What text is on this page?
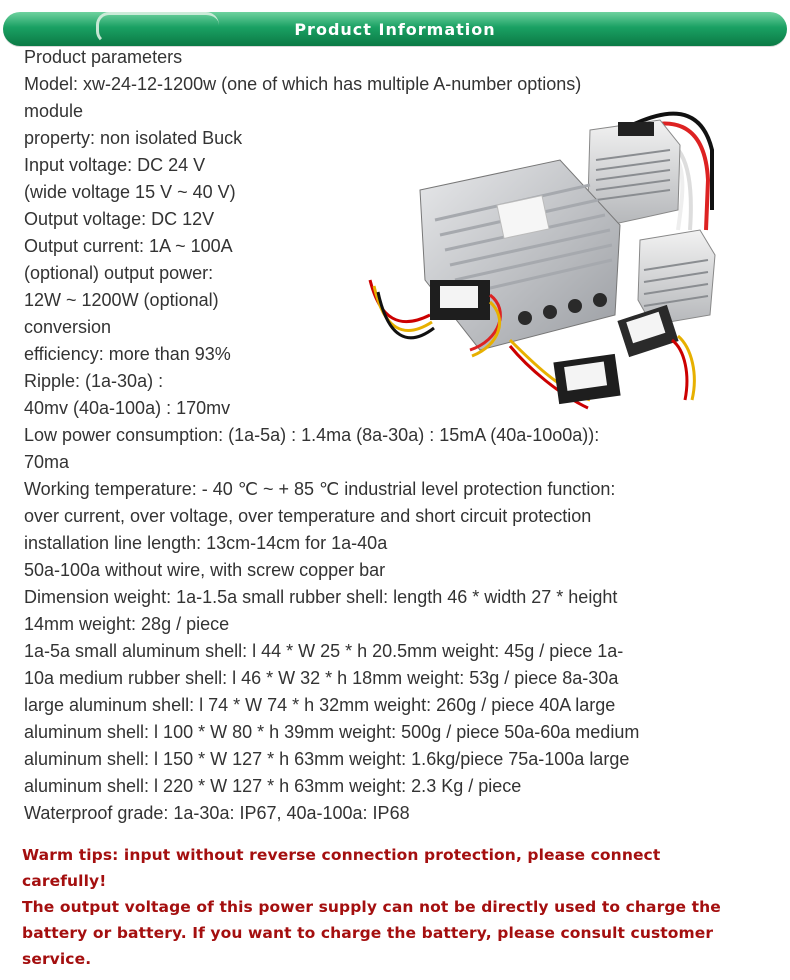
Product Information
Product parameters
Model: xw-24-12-1200w (one of which has multiple A-number options)
module
property: non isolated Buck
Input voltage: DC 24 V
(wide voltage 15 V ~ 40 V)
Output voltage: DC 12V
Output current: 1A ~ 100A
(optional) output power:
12W ~ 1200W (optional)
conversion
efficiency: more than 93%
Ripple: (1a-30a) :
40mv (40a-100a) : 170mv
Low power consumption: (1a-5a) : 1.4ma (8a-30a) : 15mA (40a-10o0a)):
70ma
Working temperature: - 40 ℃ ~ + 85 ℃ industrial level protection function:
over current, over voltage, over temperature and short circuit protection
installation line length: 13cm-14cm for 1a-40a
50a-100a without wire, with screw copper bar
Dimension weight: 1a-1.5a small rubber shell: length 46 * width 27 * height
14mm weight: 28g / piece
1a-5a small aluminum shell: l 44 * W 25 * h 20.5mm weight: 45g / piece 1a-
10a medium rubber shell: l 46 * W 32 * h 18mm weight: 53g / piece 8a-30a
large aluminum shell: l 74 * W 74 * h 32mm weight: 260g / piece 40A large
aluminum shell: l 100 * W 80 * h 39mm weight: 500g / piece 50a-60a medium
aluminum shell: l 150 * W 127 * h 63mm weight: 1.6kg/piece 75a-100a large
aluminum shell: l 220 * W 127 * h 63mm weight: 2.3 Kg / piece
Waterproof grade: 1a-30a: IP67, 40a-100a: IP68
Warm tips: input without reverse connection protection, please connect
carefully!
The output voltage of this power supply can not be directly used to charge the
battery or battery. If you want to charge the battery, please consult customer
service.
